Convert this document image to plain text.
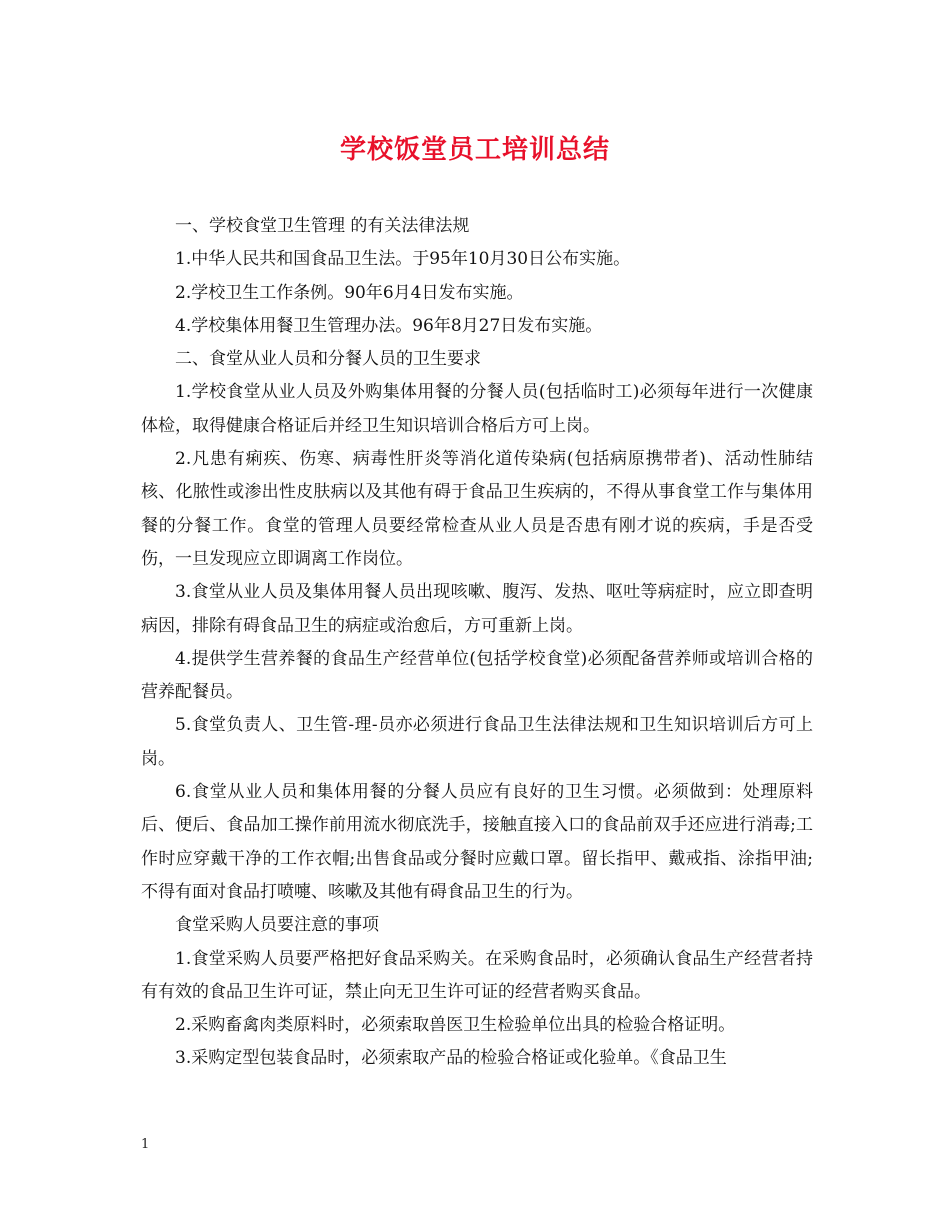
学校饭堂员工培训总结

一、学校食堂卫生管理 的有关法律法规

1.中华人民共和国食品卫生法。于95年10月30日公布实施。

2.学校卫生工作条例。90年6月4日发布实施。

4.学校集体用餐卫生管理办法。96年8月27日发布实施。

二、食堂从业人员和分餐人员的卫生要求

1.学校食堂从业人员及外购集体用餐的分餐人员(包括临时工)必须每年进行一次健康体检，取得健康合格证后并经卫生知识培训合格后方可上岗。

2.凡患有痢疾、伤寒、病毒性肝炎等消化道传染病(包括病原携带者)、活动性肺结核、化脓性或渗出性皮肤病以及其他有碍于食品卫生疾病的，不得从事食堂工作与集体用餐的分餐工作。食堂的管理人员要经常检查从业人员是否患有刚才说的疾病，手是否受伤，一旦发现应立即调离工作岗位。

3.食堂从业人员及集体用餐人员出现咳嗽、腹泻、发热、呕吐等病症时，应立即查明病因，排除有碍食品卫生的病症或治愈后，方可重新上岗。

4.提供学生营养餐的食品生产经营单位(包括学校食堂)必须配备营养师或培训合格的营养配餐员。

5.食堂负责人、卫生管-理-员亦必须进行食品卫生法律法规和卫生知识培训后方可上岗。

6.食堂从业人员和集体用餐的分餐人员应有良好的卫生习惯。必须做到：处理原料后、便后、食品加工操作前用流水彻底洗手，接触直接入口的食品前双手还应进行消毒;工作时应穿戴干净的工作衣帽;出售食品或分餐时应戴口罩。留长指甲、戴戒指、涂指甲油;不得有面对食品打喷嚏、咳嗽及其他有碍食品卫生的行为。

食堂采购人员要注意的事项

1.食堂采购人员要严格把好食品采购关。在采购食品时，必须确认食品生产经营者持有有效的食品卫生许可证，禁止向无卫生许可证的经营者购买食品。

2.采购畜禽肉类原料时，必须索取兽医卫生检验单位出具的检验合格证明。

3.采购定型包装食品时，必须索取产品的检验合格证或化验单。《食品卫生

1
